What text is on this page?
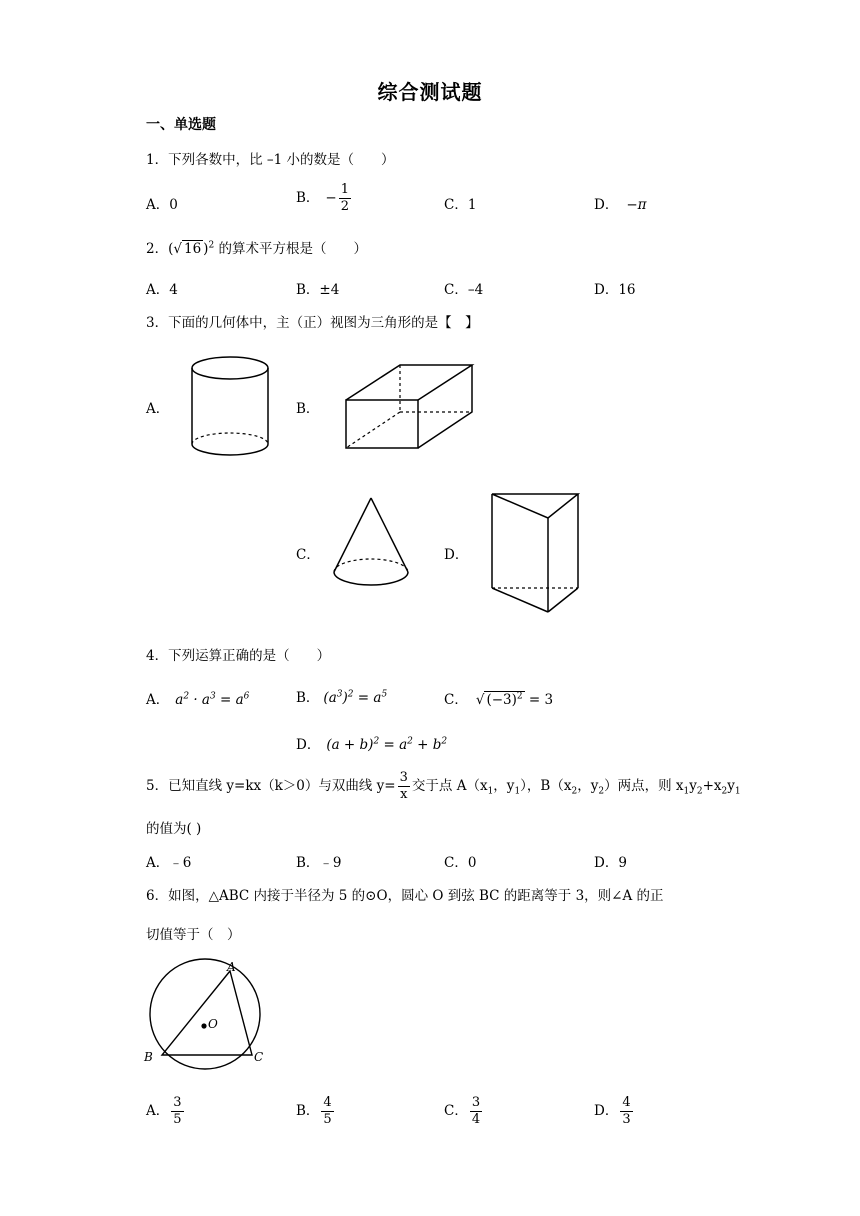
综合测试题
一、单选题
1．下列各数中，比 –1 小的数是（　　）
A．0	B． − $\frac{1}{2}$	C．1	D． −π
2．(√ 16 )$^2$ 的算术平方根是（　　）
A．4	B．±4	C．–4	D．16
3．下面的几何体中，主（正）视图为三角形的是【　】
A．	B．
C．	D．
4．下列运算正确的是（　　）
A． $a^2 \cdot a^3 = a^6$	B． $(a^3)^2 = a^5$	C． √ $(-3)^2 = 3$
D． $(a + b)^2 = a^2 + b^2$
5．已知直线 y=kx（k＞0）与双曲线 $y= \frac{3}{x}$ 交于点 $A(x_1$，$y_1$），$B(x_2$，$y_2$）两点，则 $x_1y_2+x_2y_1$
的值为( )
A．﹣6	B．﹣9	C．0	D．9
6．如图，△ABC 内接于半径为 5 的⊙O，圆心 O 到弦 BC 的距离等于 3，则∠A 的正
切值等于（　）
A
B	C
O
A． $\frac{3}{5}$	B． $\frac{4}{5}$	C． $\frac{3}{4}$	D． $\frac{4}{3}$
